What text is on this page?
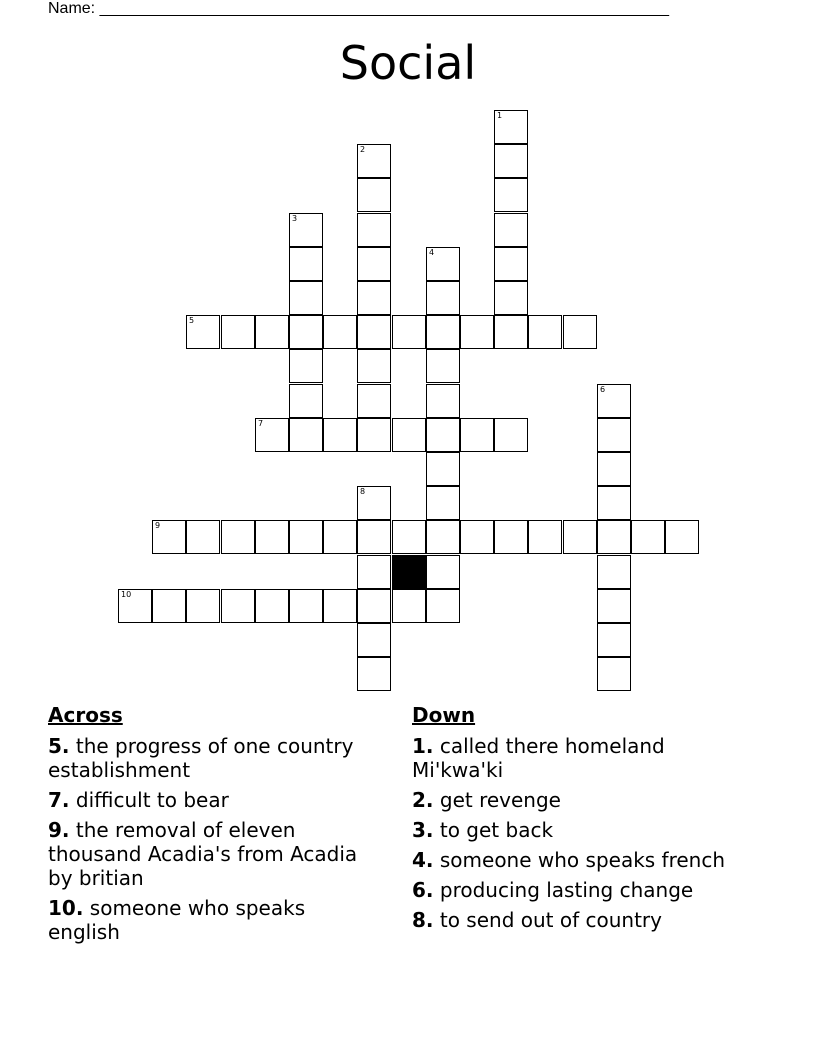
Name: ________________________________________________________________
Social
1
2
3
4
5
6
7
8
9
10
Across
5. the progress of one country establishment
7. difficult to bear
9. the removal of eleven thousand Acadia's from Acadia by britian
10. someone who speaks english
Down
1. called there homeland Mi'kwa'ki
2. get revenge
3. to get back
4. someone who speaks french
6. producing lasting change
8. to send out of country
